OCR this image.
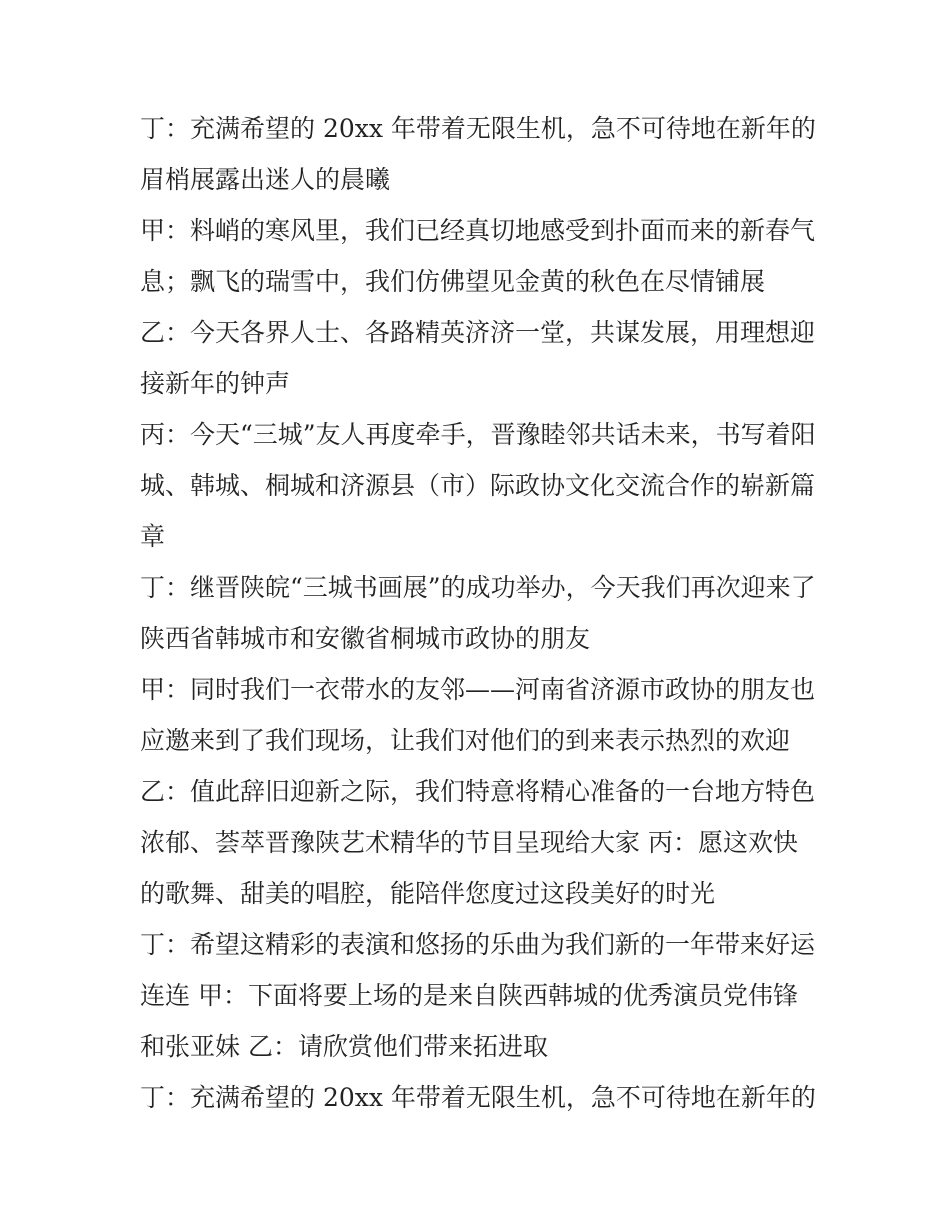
丁：充满希望的 20xx 年带着无限生机，急不可待地在新年的
眉梢展露出迷人的晨曦
甲：料峭的寒风里，我们已经真切地感受到扑面而来的新春气
息；飘飞的瑞雪中，我们仿佛望见金黄的秋色在尽情铺展
乙：今天各界人士、各路精英济济一堂，共谋发展，用理想迎
接新年的钟声
丙：今天“三城”友人再度牵手，晋豫睦邻共话未来，书写着阳
城、韩城、桐城和济源县（市）际政协文化交流合作的崭新篇
章
丁：继晋陕皖“三城书画展”的成功举办，今天我们再次迎来了
陕西省韩城市和安徽省桐城市政协的朋友
甲：同时我们一衣带水的友邻——河南省济源市政协的朋友也
应邀来到了我们现场，让我们对他们的到来表示热烈的欢迎
乙：值此辞旧迎新之际，我们特意将精心准备的一台地方特色
浓郁、荟萃晋豫陕艺术精华的节目呈现给大家 丙：愿这欢快
的歌舞、甜美的唱腔，能陪伴您度过这段美好的时光
丁：希望这精彩的表演和悠扬的乐曲为我们新的一年带来好运
连连 甲：下面将要上场的是来自陕西韩城的优秀演员党伟锋
和张亚妹 乙：请欣赏他们带来拓进取
丁：充满希望的 20xx 年带着无限生机，急不可待地在新年的
